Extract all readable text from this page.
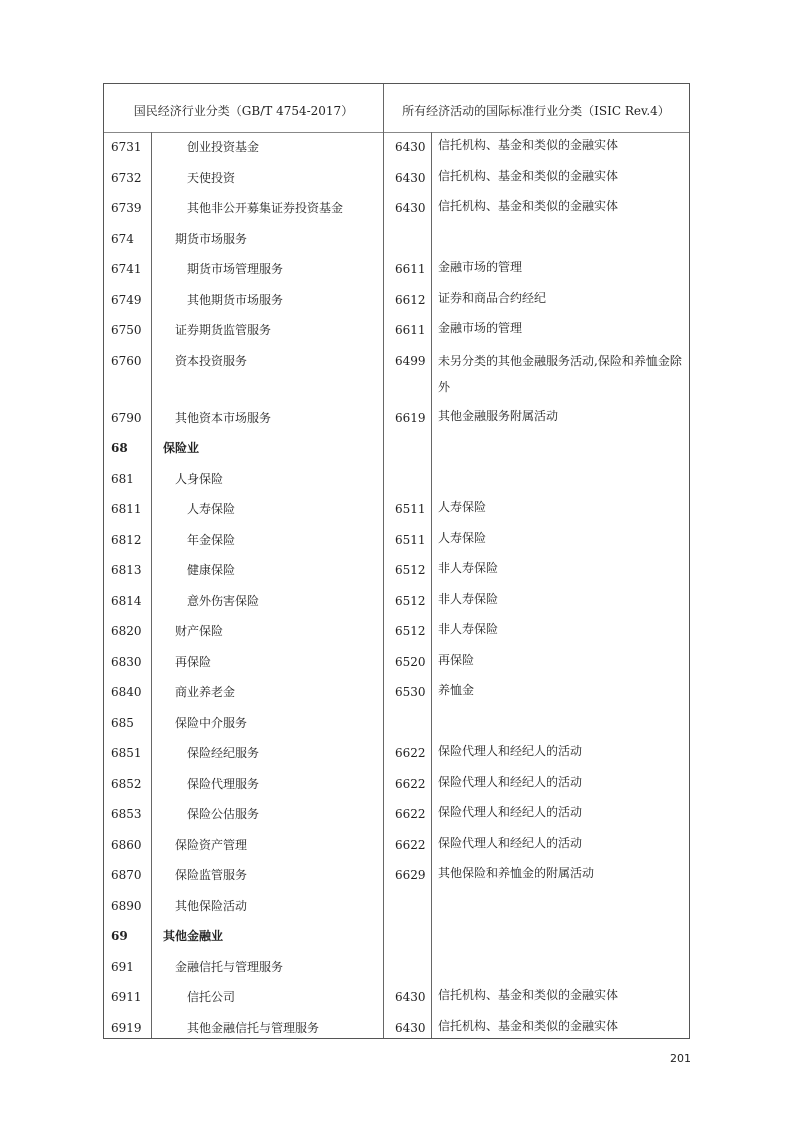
国民经济行业分类（GB/T 4754-2017）	所有经济活动的国际标准行业分类（ISIC Rev.4）
6731	创业投资基金	6430 信托机构、基金和类似的金融实体
6732	天使投资	6430 信托机构、基金和类似的金融实体
6739	其他非公开募集证券投资基金	6430 信托机构、基金和类似的金融实体
674	期货市场服务
6741	期货市场管理服务	6611 金融市场的管理
6749	其他期货市场服务	6612 证券和商品合约经纪
6750	证券期货监管服务	6611 金融市场的管理
6760	资本投资服务	6499 未另分类的其他金融服务活动,保险和养恤金除外
6790	其他资本市场服务	6619 其他金融服务附属活动
68	保险业
681	人身保险
6811	人寿保险	6511 人寿保险
6812	年金保险	6511 人寿保险
6813	健康保险	6512 非人寿保险
6814	意外伤害保险	6512 非人寿保险
6820	财产保险	6512 非人寿保险
6830	再保险	6520 再保险
6840	商业养老金	6530 养恤金
685	保险中介服务
6851	保险经纪服务	6622 保险代理人和经纪人的活动
6852	保险代理服务	6622 保险代理人和经纪人的活动
6853	保险公估服务	6622 保险代理人和经纪人的活动
6860	保险资产管理	6622 保险代理人和经纪人的活动
6870	保险监管服务	6629 其他保险和养恤金的附属活动
6890	其他保险活动
69	其他金融业
691	金融信托与管理服务
6911	信托公司	6430 信托机构、基金和类似的金融实体
6919	其他金融信托与管理服务	6430 信托机构、基金和类似的金融实体
201
